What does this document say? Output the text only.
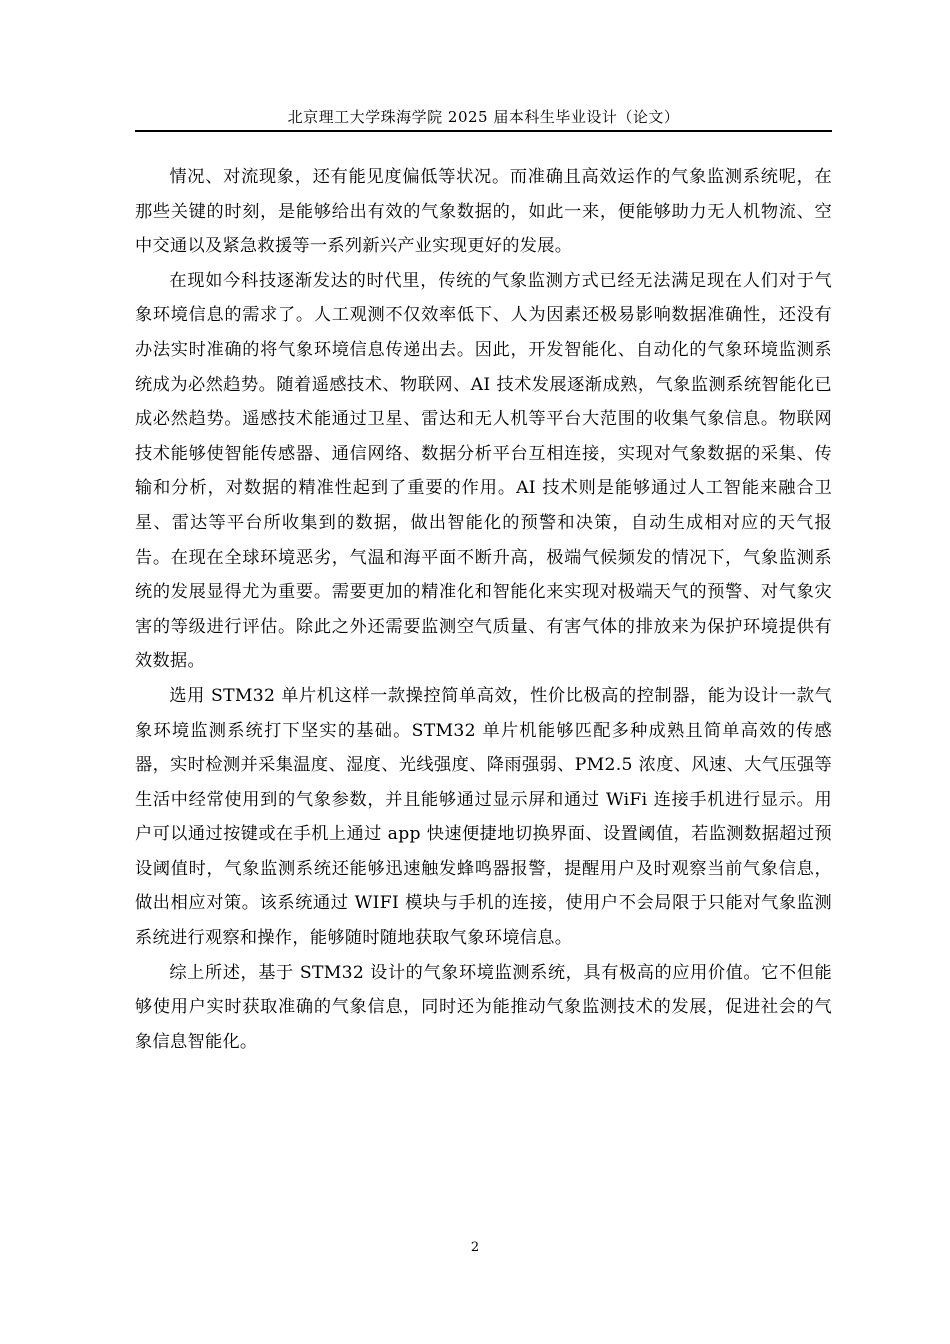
北京理工大学珠海学院 2025 届本科生毕业设计（论文）

情况、对流现象，还有能见度偏低等状况。而准确且高效运作的气象监测系统呢，在那些关键的时刻，是能够给出有效的气象数据的，如此一来，便能够助力无人机物流、空中交通以及紧急救援等一系列新兴产业实现更好的发展。

在现如今科技逐渐发达的时代里，传统的气象监测方式已经无法满足现在人们对于气象环境信息的需求了。人工观测不仅效率低下、人为因素还极易影响数据准确性，还没有办法实时准确的将气象环境信息传递出去。因此，开发智能化、自动化的气象环境监测系统成为必然趋势。随着遥感技术、物联网、AI 技术发展逐渐成熟，气象监测系统智能化已成必然趋势。遥感技术能通过卫星、雷达和无人机等平台大范围的收集气象信息。物联网技术能够使智能传感器、通信网络、数据分析平台互相连接，实现对气象数据的采集、传输和分析，对数据的精准性起到了重要的作用。AI 技术则是能够通过人工智能来融合卫星、雷达等平台所收集到的数据，做出智能化的预警和决策，自动生成相对应的天气报告。在现在全球环境恶劣，气温和海平面不断升高，极端气候频发的情况下，气象监测系统的发展显得尤为重要。需要更加的精准化和智能化来实现对极端天气的预警、对气象灾害的等级进行评估。除此之外还需要监测空气质量、有害气体的排放来为保护环境提供有效数据。

选用 STM32 单片机这样一款操控简单高效，性价比极高的控制器，能为设计一款气象环境监测系统打下坚实的基础。STM32 单片机能够匹配多种成熟且简单高效的传感器，实时检测并采集温度、湿度、光线强度、降雨强弱、PM2.5 浓度、风速、大气压强等生活中经常使用到的气象参数，并且能够通过显示屏和通过 WiFi 连接手机进行显示。用户可以通过按键或在手机上通过 app 快速便捷地切换界面、设置阈值，若监测数据超过预设阈值时，气象监测系统还能够迅速触发蜂鸣器报警，提醒用户及时观察当前气象信息，做出相应对策。该系统通过 WIFI 模块与手机的连接，使用户不会局限于只能对气象监测系统进行观察和操作，能够随时随地获取气象环境信息。

综上所述，基于 STM32 设计的气象环境监测系统，具有极高的应用价值。它不但能够使用户实时获取准确的气象信息，同时还为能推动气象监测技术的发展，促进社会的气象信息智能化。

2
